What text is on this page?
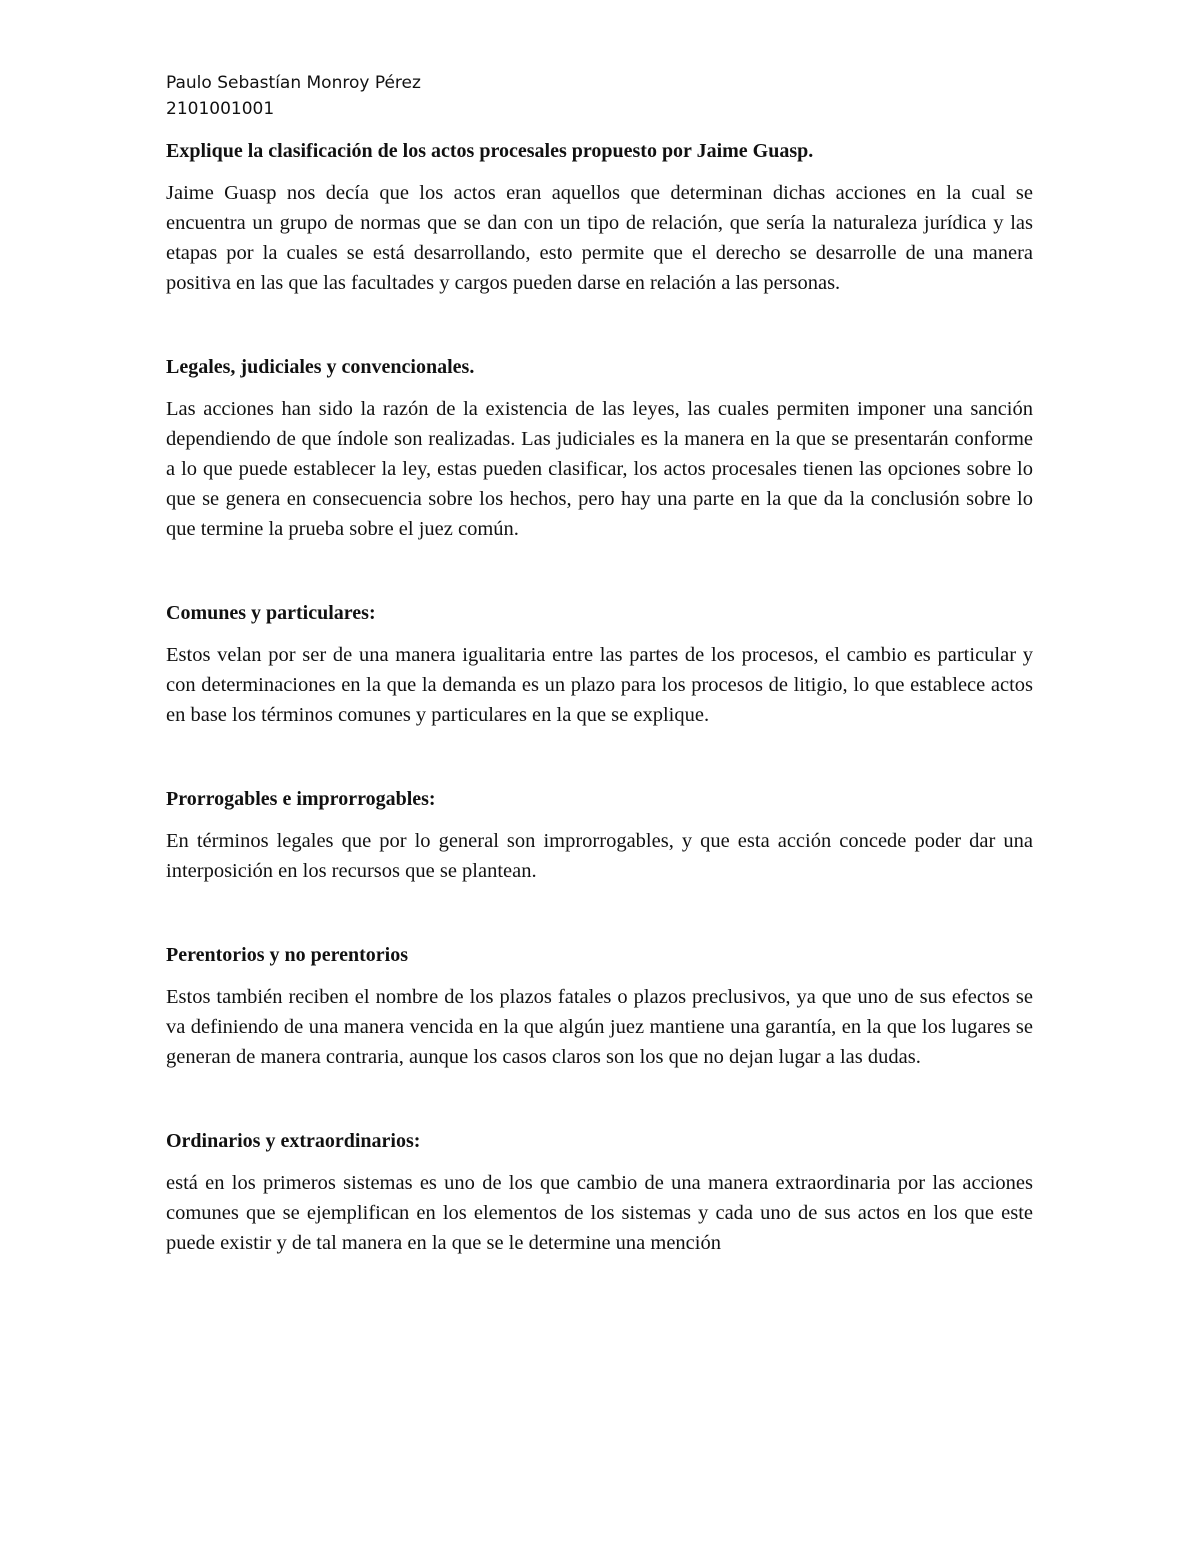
Paulo Sebastían Monroy Pérez

2101001001

Explique la clasificación de los actos procesales propuesto por Jaime Guasp.

Jaime Guasp nos decía que los actos eran aquellos que determinan dichas acciones en la cual se encuentra un grupo de normas que se dan con un tipo de relación, que sería la naturaleza jurídica y las etapas por la cuales se está desarrollando, esto permite que el derecho se desarrolle de una manera positiva en las que las facultades y cargos pueden darse en relación a las personas.

Legales, judiciales y convencionales.

Las acciones han sido la razón de la existencia de las leyes, las cuales permiten imponer una sanción dependiendo de que índole son realizadas. Las judiciales es la manera en la que se presentarán conforme a lo que puede establecer la ley, estas pueden clasificar, los actos procesales tienen las opciones sobre lo que se genera en consecuencia sobre los hechos, pero hay una parte en la que da la conclusión sobre lo que termine la prueba sobre el juez común.

Comunes y particulares:

Estos velan por ser de una manera igualitaria entre las partes de los procesos, el cambio es particular y con determinaciones en la que la demanda es un plazo para los procesos de litigio, lo que establece actos en base los términos comunes y particulares en la que se explique.

Prorrogables e improrrogables:

En términos legales que por lo general son improrrogables, y que esta acción concede poder dar una interposición en los recursos que se plantean.

Perentorios y no perentorios

Estos también reciben el nombre de los plazos fatales o plazos preclusivos, ya que uno de sus efectos se va definiendo de una manera vencida en la que algún juez mantiene una garantía, en la que los lugares se generan de manera contraria, aunque los casos claros son los que no dejan lugar a las dudas.

Ordinarios y extraordinarios:

está en los primeros sistemas es uno de los que cambio de una manera extraordinaria por las acciones comunes que se ejemplifican en los elementos de los sistemas y cada uno de sus actos en los que este puede existir y de tal manera en la que se le determine una mención
